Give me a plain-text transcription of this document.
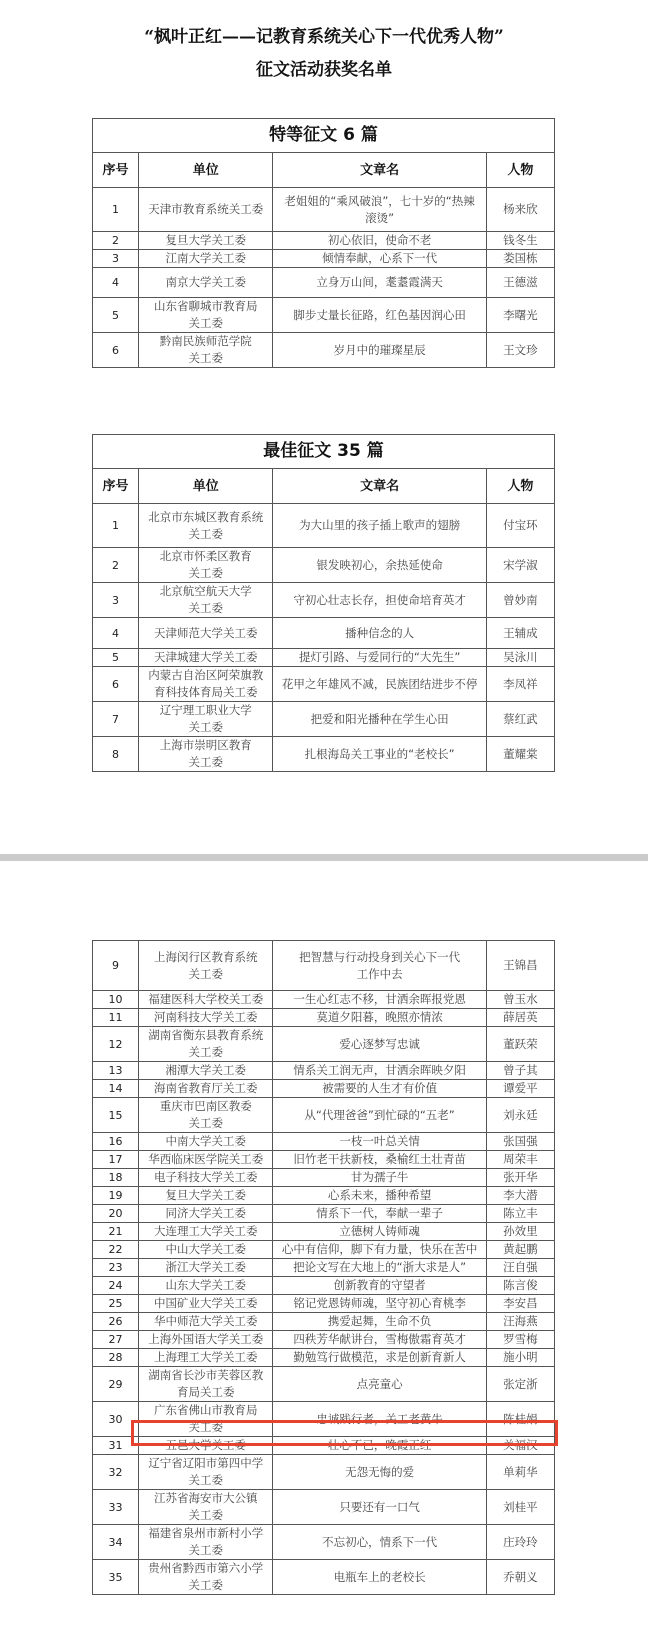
“枫叶正红——记教育系统关心下一代优秀人物”
征文活动获奖名单
特等征文 6 篇			
序号	单位	文章名	人物
1	天津市教育系统关工委	老姐姐的“乘风破浪”，七十岁的“热辣
滚烫”	杨来欣
2	复旦大学关工委	初心依旧，使命不老	钱冬生
3	江南大学关工委	倾情奉献，心系下一代	娄国栋
4	南京大学关工委	立身万山间，耄耋霞满天	王德滋
5	山东省聊城市教育局
关工委	脚步丈量长征路，红色基因润心田	李曙光
6	黔南民族师范学院
关工委	岁月中的璀璨星辰	王文珍
最佳征文 35 篇			
序号	单位	文章名	人物
1	北京市东城区教育系统
关工委	为大山里的孩子插上歌声的翅膀	付宝环
2	北京市怀柔区教育
关工委	银发映初心，余热延使命	宋学淑
3	北京航空航天大学
关工委	守初心壮志长存，担使命培育英才	曾妙南
4	天津师范大学关工委	播种信念的人	王辅成
5	天津城建大学关工委	提灯引路、与爱同行的“大先生”	吴泳川
6	内蒙古自治区阿荣旗教
育科技体育局关工委	花甲之年雄风不减，民族团结进步不停	李凤祥
7	辽宁理工职业大学
关工委	把爱和阳光播种在学生心田	蔡红武
8	上海市崇明区教育
关工委	扎根海岛关工事业的“老校长”	董耀棠
9	上海闵行区教育系统
关工委	把智慧与行动投身到关心下一代
工作中去	王锦昌
10	福建医科大学校关工委	一生心红志不移，甘洒余晖报党恩	曾玉水
11	河南科技大学关工委	莫道夕阳暮，晚照亦情浓	薛居英
12	湖南省衡东县教育系统
关工委	爱心逐梦写忠诚	董跃荣
13	湘潭大学关工委	情系关工润无声，甘洒余晖映夕阳	曾子其
14	海南省教育厅关工委	被需要的人生才有价值	谭爱平
15	重庆市巴南区教委
关工委	从“代理爸爸”到忙碌的“五老”	刘永廷
16	中南大学关工委	一枝一叶总关情	张国强
17	华西临床医学院关工委	旧竹老干扶新枝，桑榆红土壮青苗	周荣丰
18	电子科技大学关工委	甘为孺子牛	张开华
19	复旦大学关工委	心系未来，播种希望	李大潜
20	同济大学关工委	情系下一代，奉献一辈子	陈立丰
21	大连理工大学关工委	立德树人铸师魂	孙效里
22	中山大学关工委	心中有信仰，脚下有力量，快乐在苦中	黄起鹏
23	浙江大学关工委	把论文写在大地上的“浙大求是人”	汪自强
24	山东大学关工委	创新教育的守望者	陈言俊
25	中国矿业大学关工委	铭记党恩铸师魂，坚守初心育桃李	李安昌
26	华中师范大学关工委	携爱起舞，生命不负	汪海燕
27	上海外国语大学关工委	四秩芳华献讲台，雪梅傲霜育英才	罗雪梅
28	上海理工大学关工委	勤勉笃行做模范，求是创新育新人	施小明
29	湖南省长沙市芙蓉区教
育局关工委	点亮童心	张定浙
30	广东省佛山市教育局
关工委	忠诚践行者，关工老黄牛	陈桂娟
31	五邑大学关工委	壮心不已，晚霞正红	关福汉
32	辽宁省辽阳市第四中学
关工委	无怨无悔的爱	单莉华
33	江苏省海安市大公镇
关工委	只要还有一口气	刘桂平
34	福建省泉州市新村小学
关工委	不忘初心，情系下一代	庄玲玲
35	贵州省黔西市第六小学
关工委	电瓶车上的老校长	乔朝义
